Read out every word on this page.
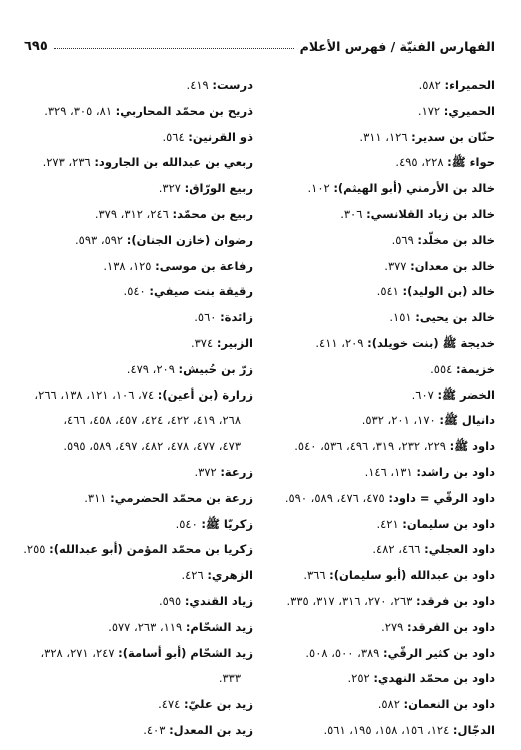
الفهارس الفنيّة / فهرس الأعلام
٦٩٥
الحميراء: ٥٨٢.
الحميري: ١٧٢.
حنّان بن سدير: ١٢٦، ٣١١.
حواء ﷺ: ٢٢٨، ٤٩٥.
خالد بن الأرمني (أبو الهيثم): ١٠٢.
خالد بن زياد القلانسي: ٣٠٦.
خالد بن مخلّد: ٥٦٩.
خالد بن معدان: ٣٧٧.
خالد (بن الوليد): ٥٤١.
خالد بن يحيى: ١٥١.
خديجة ﷺ (بنت خويلد): ٢٠٩، ٤١١.
خزيمة: ٥٥٤.
الخضر ﷺ: ٦٠٧.
دانيال ﷺ: ١٧٠، ٢٠١، ٥٣٢.
داود ﷺ: ٢٢٩، ٢٣٢، ٣١٩، ٤٩٦، ٥٣٦، ٥٤٠.
داود بن راشد: ١٣١، ١٤٦.
داود الرقّي = داود: ٤٧٥، ٤٧٦، ٥٨٩، ٥٩٠.
داود بن سليمان: ٤٢١.
داود العجلي: ٤٦٦، ٤٨٢.
داود بن عبدالله (أبو سليمان): ٣٦٦.
داود بن فرقد: ٢٦٣، ٢٧٠، ٣١٦، ٣١٧، ٣٣٥.
داود بن الفرقد: ٢٧٩.
داود بن كثير الرقّي: ٣٨٩، ٥٠٠، ٥٠٨.
داود بن محمّد النهدي: ٢٥٢.
داود بن النعمان: ٥٨٢.
الدجّال: ١٢٤، ١٥٦، ١٥٨، ١٩٥، ٥٦١.
درست: ٤١٩.
ذريح بن محمّد المحاربي: ٨١، ٣٠٥، ٣٢٩.
ذو القرنين: ٥٦٤.
ربعي بن عبدالله بن الجارود: ٢٣٦، ٢٧٣.
ربيع الورّاق: ٣٢٧.
ربيع بن محمّد: ٢٤٦، ٣١٢، ٣٧٩.
رضوان (خازن الجنان): ٥٩٢، ٥٩٣.
رفاعة بن موسى: ١٢٥، ١٣٨.
رقيقة بنت صيفي: ٥٤٠.
زائدة: ٥٦٠.
الزبير: ٣٧٤.
زرّ بن حُبيش: ٢٠٩، ٤٧٩.
زرارة (بن أعين): ٧٤، ١٠٦، ١٢١، ١٣٨، ٢٦٦،
٢٦٨، ٤١٩، ٤٢٢، ٤٢٤، ٤٥٧، ٤٥٨، ٤٦٦،
٤٧٣، ٤٧٧، ٤٧٨، ٤٨٢، ٤٩٧، ٥٨٩، ٥٩٥.
زرعة: ٣٧٢.
زرعة بن محمّد الحضرمي: ٣١١.
زكريّا ﷺ: ٥٤٠.
زكريا بن محمّد المؤمن (أبو عبدالله): ٢٥٥.
الزهري: ٤٢٦.
زياد القندي: ٥٩٥.
زيد الشحّام: ١١٩، ٢٦٣، ٥٧٧.
زيد الشحّام (أبو أسامة): ٢٤٧، ٢٧١، ٣٢٨،
٣٣٣.
زيد بن عليّ: ٤٧٤.
زيد بن المعدل: ٤٠٣.
